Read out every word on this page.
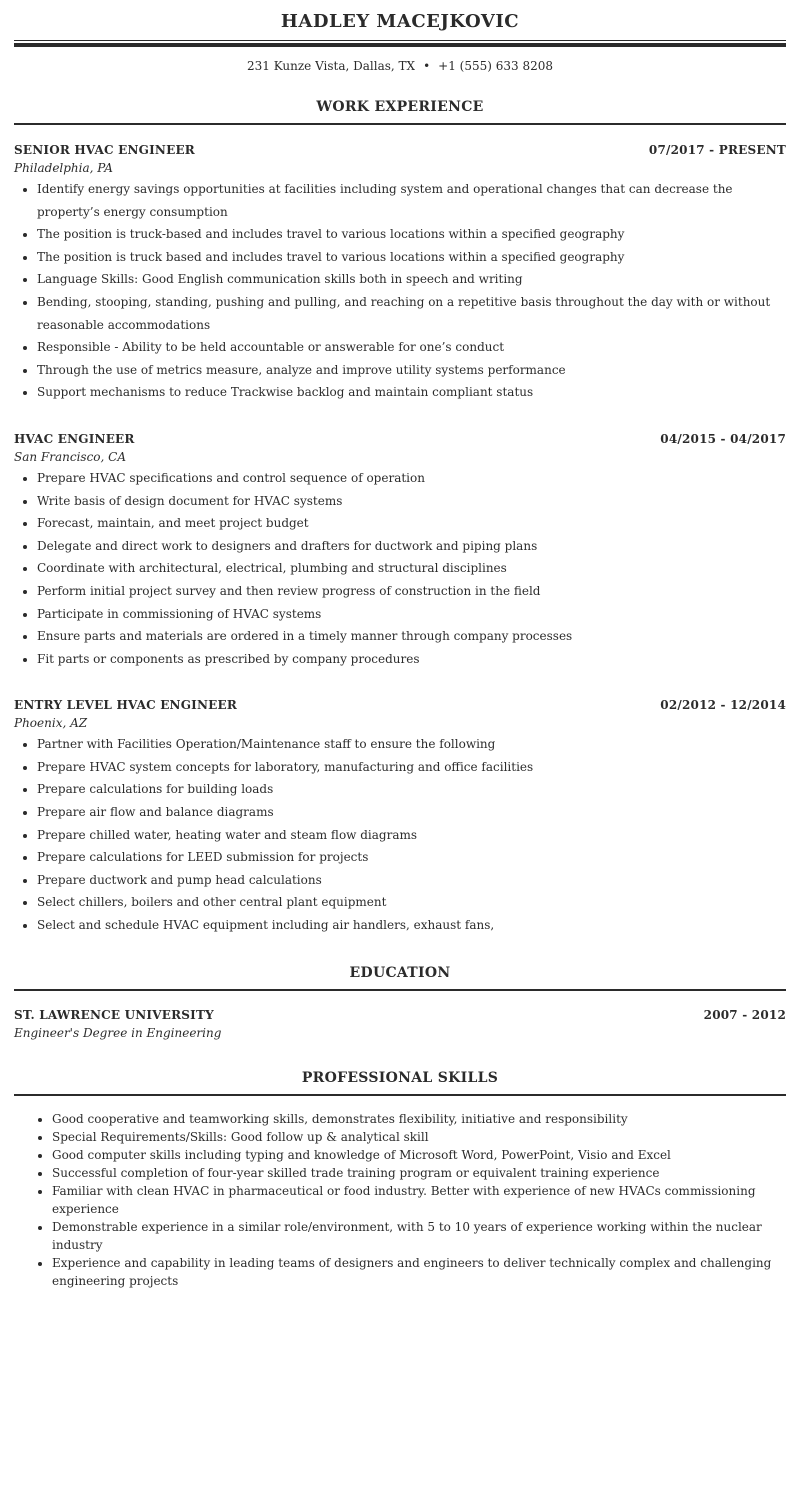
HADLEY MACEJKOVIC
231 Kunze Vista, Dallas, TX • +1 (555) 633 8208
WORK EXPERIENCE
SENIOR HVAC ENGINEER	07/2017 - PRESENT
Philadelphia, PA
• Identify energy savings opportunities at facilities including system and operational changes that can decrease the property’s energy consumption
• The position is truck-based and includes travel to various locations within a specified geography
• The position is truck based and includes travel to various locations within a specified geography
• Language Skills: Good English communication skills both in speech and writing
• Bending, stooping, standing, pushing and pulling, and reaching on a repetitive basis throughout the day with or without reasonable accommodations
• Responsible - Ability to be held accountable or answerable for one’s conduct
• Through the use of metrics measure, analyze and improve utility systems performance
• Support mechanisms to reduce Trackwise backlog and maintain compliant status
HVAC ENGINEER	04/2015 - 04/2017
San Francisco, CA
• Prepare HVAC specifications and control sequence of operation
• Write basis of design document for HVAC systems
• Forecast, maintain, and meet project budget
• Delegate and direct work to designers and drafters for ductwork and piping plans
• Coordinate with architectural, electrical, plumbing and structural disciplines
• Perform initial project survey and then review progress of construction in the field
• Participate in commissioning of HVAC systems
• Ensure parts and materials are ordered in a timely manner through company processes
• Fit parts or components as prescribed by company procedures
ENTRY LEVEL HVAC ENGINEER	02/2012 - 12/2014
Phoenix, AZ
• Partner with Facilities Operation/Maintenance staff to ensure the following
• Prepare HVAC system concepts for laboratory, manufacturing and office facilities
• Prepare calculations for building loads
• Prepare air flow and balance diagrams
• Prepare chilled water, heating water and steam flow diagrams
• Prepare calculations for LEED submission for projects
• Prepare ductwork and pump head calculations
• Select chillers, boilers and other central plant equipment
• Select and schedule HVAC equipment including air handlers, exhaust fans,
EDUCATION
ST. LAWRENCE UNIVERSITY	2007 - 2012
Engineer's Degree in Engineering
PROFESSIONAL SKILLS
• Good cooperative and teamworking skills, demonstrates flexibility, initiative and responsibility
• Special Requirements/Skills: Good follow up & analytical skill
• Good computer skills including typing and knowledge of Microsoft Word, PowerPoint, Visio and Excel
• Successful completion of four-year skilled trade training program or equivalent training experience
• Familiar with clean HVAC in pharmaceutical or food industry. Better with experience of new HVACs commissioning experience
• Demonstrable experience in a similar role/environment, with 5 to 10 years of experience working within the nuclear industry
• Experience and capability in leading teams of designers and engineers to deliver technically complex and challenging engineering projects
